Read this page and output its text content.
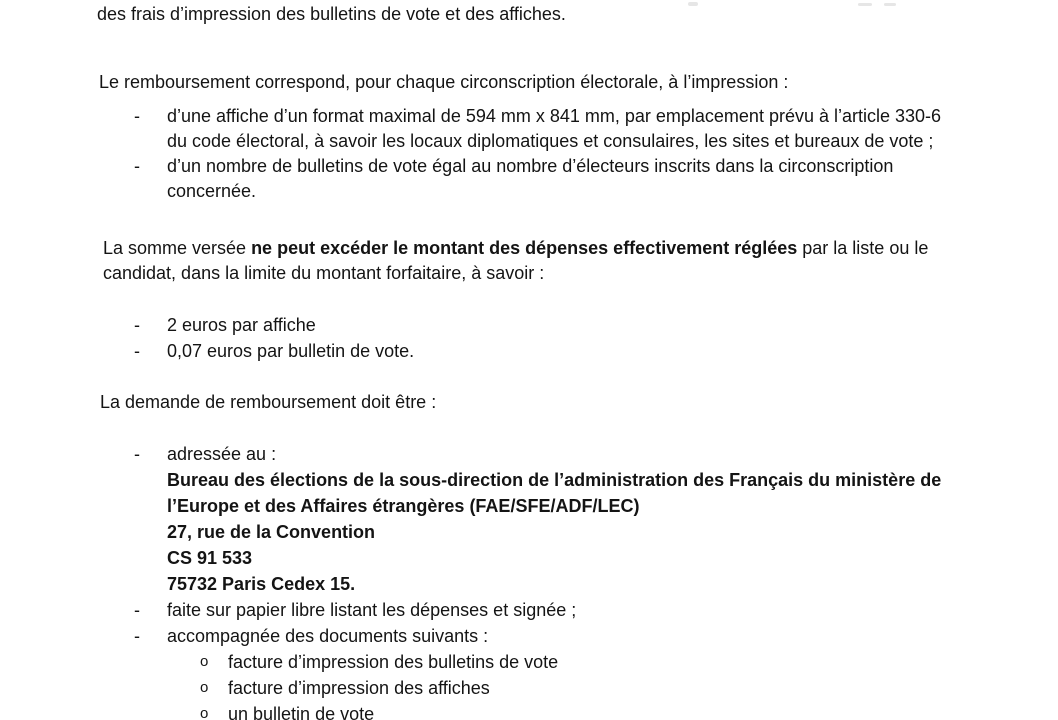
des frais d’impression des bulletins de vote et des affiches.
Le remboursement correspond, pour chaque circonscription électorale, à l’impression :
-	d’une affiche d’un format maximal de 594 mm x 841 mm, par emplacement prévu à l’article 330-6
du code électoral, à savoir les locaux diplomatiques et consulaires, les sites et bureaux de vote ;
-	d’un nombre de bulletins de vote égal au nombre d’électeurs inscrits dans la circonscription
concernée.
La somme versée ne peut excéder le montant des dépenses effectivement réglées par la liste ou le
candidat, dans la limite du montant forfaitaire, à savoir :
-	2 euros par affiche
-	0,07 euros par bulletin de vote.
La demande de remboursement doit être :
-	adressée au :
Bureau des élections de la sous-direction de l’administration des Français du ministère de
l’Europe et des Affaires étrangères (FAE/SFE/ADF/LEC)
27, rue de la Convention
CS 91 533
75732 Paris Cedex 15.
-	faite sur papier libre listant les dépenses et signée ;
-	accompagnée des documents suivants :
o	facture d’impression des bulletins de vote
o	facture d’impression des affiches
o	un bulletin de vote
